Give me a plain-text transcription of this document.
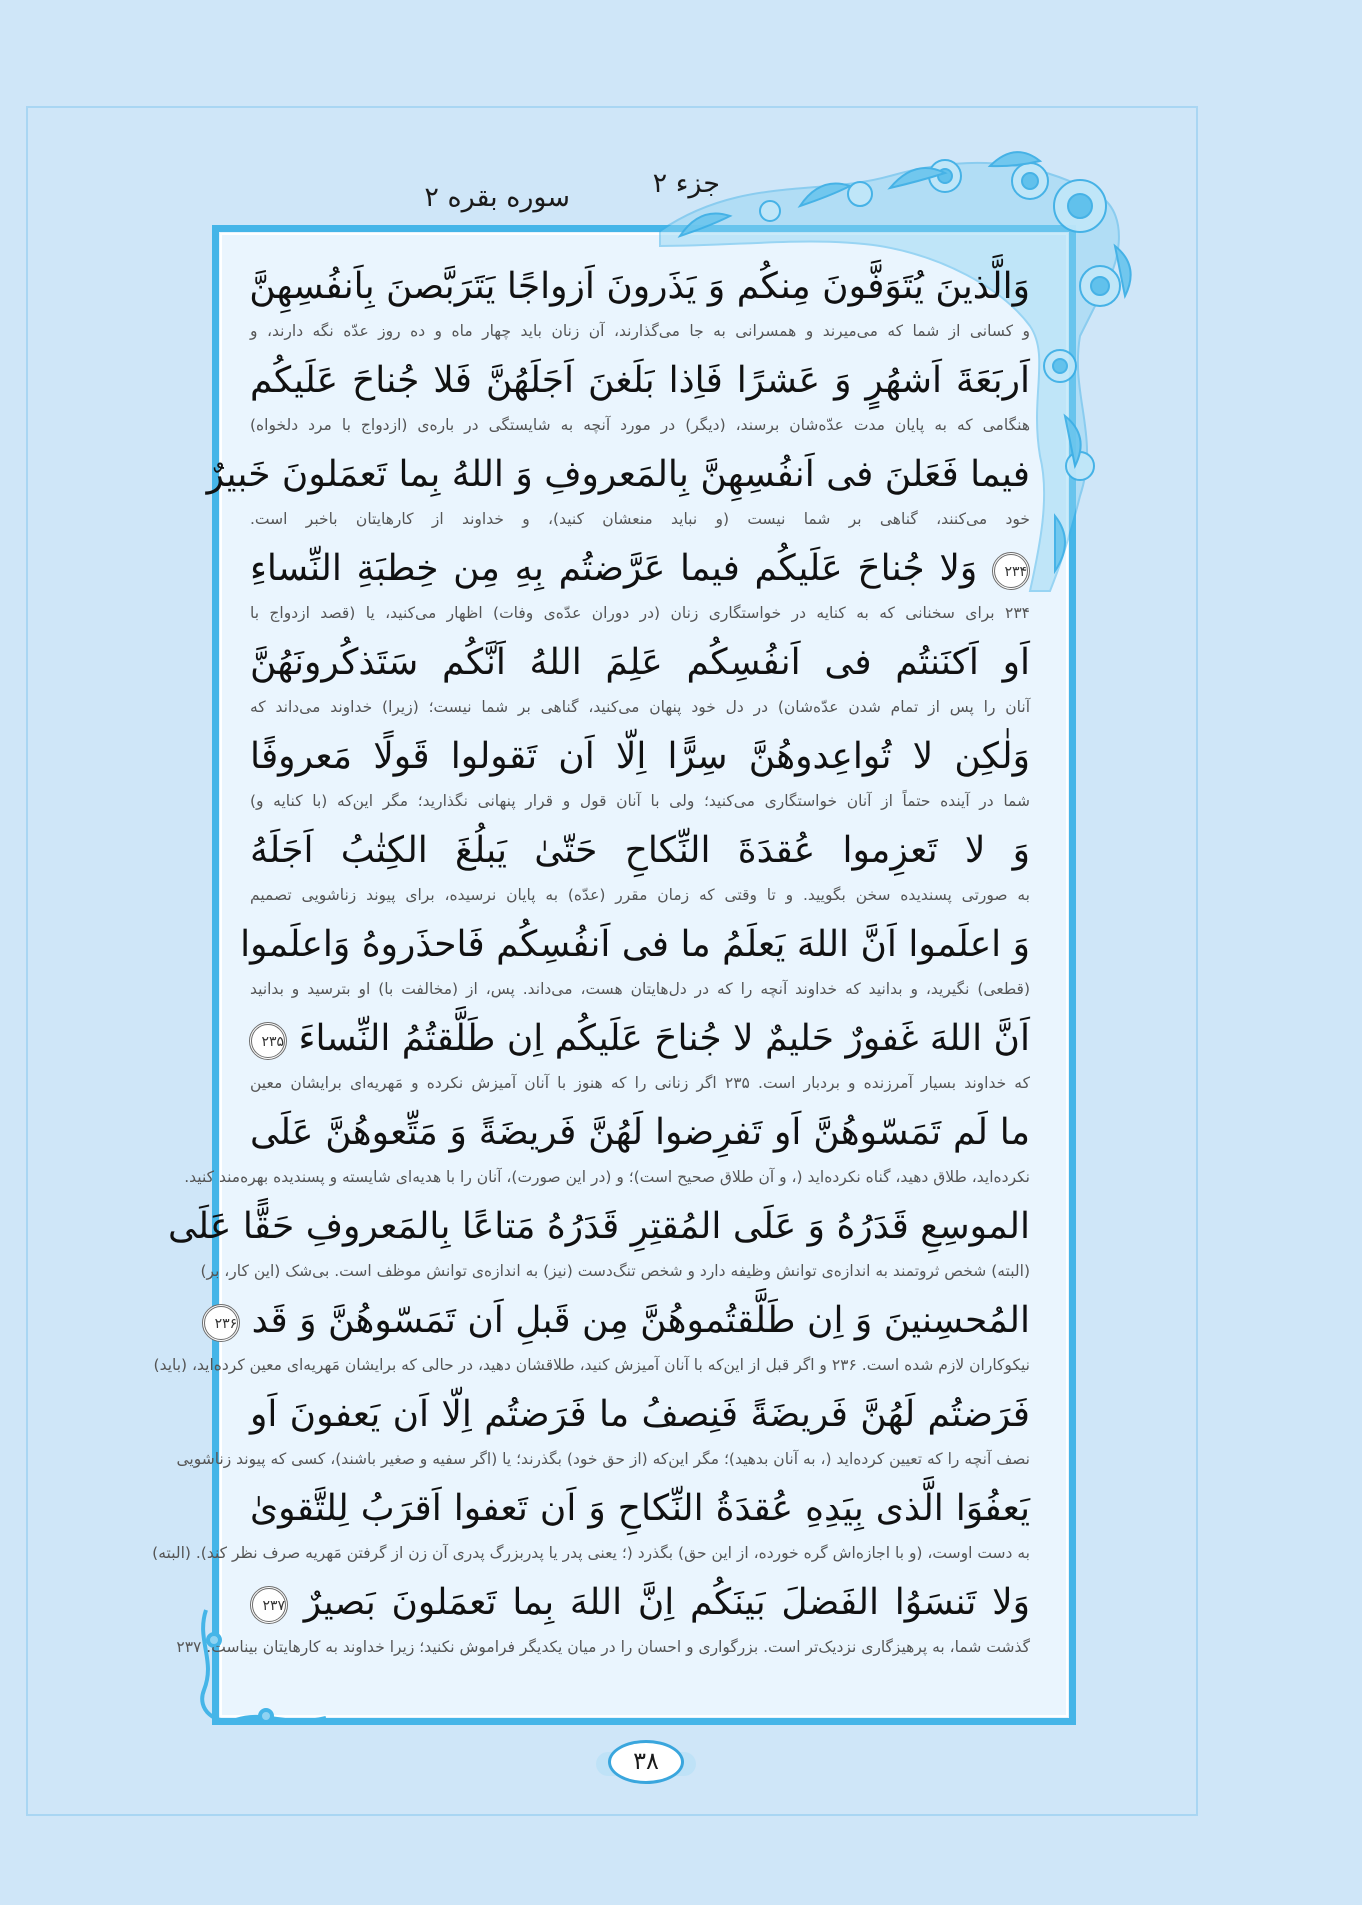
سوره بقره ۲	جزء ۲
وَالَّذینَ یُتَوَفَّونَ مِنکُم وَ یَذَرونَ اَزواجًا یَتَرَبَّصنَ بِاَنفُسِهِنَّ
و کسانی از شما که می‌میرند و همسرانی به جا می‌گذارند، آن زنان باید چهار ماه و ده روز عدّه نگه دارند، و
اَربَعَةَ اَشهُرٍ وَ عَشرًا فَاِذا بَلَغنَ اَجَلَهُنَّ فَلا جُناحَ عَلَیکُم
هنگامی که به پایان مدت عدّه‌شان برسند، (دیگر) در مورد آنچه به شایستگی در باره‌ی (ازدواج با مرد دلخواه)
فیما فَعَلنَ فی اَنفُسِهِنَّ بِالمَعروفِ وَ اللهُ بِما تَعمَلونَ خَبیرٌ
خود می‌کنند، گناهی بر شما نیست (و نباید منعشان کنید)، و خداوند از کارهایتان باخبر است.
۲۳۴ وَلا جُناحَ عَلَیکُم فیما عَرَّضتُم بِهِ مِن خِطبَةِ النِّساءِ
۲۳۴ برای سخنانی که به کنایه در خواستگاری زنان (در دوران عدّه‌ی وفات) اظهار می‌کنید، یا (قصد ازدواج با
اَو اَکنَنتُم فی اَنفُسِکُم عَلِمَ اللهُ اَنَّکُم سَتَذکُرونَهُنَّ
آنان را پس از تمام شدن عدّه‌شان) در دل خود پنهان می‌کنید، گناهی بر شما نیست؛ (زیرا) خداوند می‌داند که
وَلٰکِن لا تُواعِدوهُنَّ سِرًّا اِلّا اَن تَقولوا قَولًا مَعروفًا
شما در آینده حتماً از آنان خواستگاری می‌کنید؛ ولی با آنان قول و قرار پنهانی نگذارید؛ مگر این‌که (با کنایه و)
وَ لا تَعزِموا عُقدَةَ النِّکاحِ حَتّیٰ یَبلُغَ الکِتٰبُ اَجَلَهُ
به صورتی پسندیده سخن بگویید. و تا وقتی که زمان مقرر (عدّه) به پایان نرسیده، برای پیوند زناشویی تصمیم
وَ اعلَموا اَنَّ اللهَ یَعلَمُ ما فی اَنفُسِکُم فَاحذَروهُ وَاعلَموا
(قطعی) نگیرید، و بدانید که خداوند آنچه را که در دل‌هایتان هست، می‌داند. پس، از (مخالفت با) او بترسید و بدانید
اَنَّ اللهَ غَفورٌ حَلیمٌ لا جُناحَ عَلَیکُم اِن طَلَّقتُمُ النِّساءَ ۲۳۵
که خداوند بسیار آمرزنده و بردبار است. ۲۳۵ اگر زنانی را که هنوز با آنان آمیزش نکرده و مَهریه‌ای برایشان معین
ما لَم تَمَسّوهُنَّ اَو تَفرِضوا لَهُنَّ فَریضَةً وَ مَتِّعوهُنَّ عَلَی
نکرده‌اید، طلاق دهید، گناه نکرده‌اید (، و آن طلاق صحیح است)؛ و (در این صورت)، آنان را با هدیه‌ای شایسته و پسندیده بهره‌مند کنید.
الموسِعِ قَدَرُهُ وَ عَلَی المُقتِرِ قَدَرُهُ مَتاعًا بِالمَعروفِ حَقًّا عَلَی
(البته) شخص ثروتمند به اندازه‌ی توانش وظیفه دارد و شخص تنگ‌دست (نیز) به اندازه‌ی توانش موظف است. بی‌شک (این کار، بر)
المُحسِنینَ وَ اِن طَلَّقتُموهُنَّ مِن قَبلِ اَن تَمَسّوهُنَّ وَ قَد ۲۳۶
نیکوکاران لازم شده است. ۲۳۶ و اگر قبل از این‌که با آنان آمیزش کنید، طلاقشان دهید، در حالی که برایشان مَهریه‌ای معین کرده‌اید، (باید)
فَرَضتُم لَهُنَّ فَریضَةً فَنِصفُ ما فَرَضتُم اِلّا اَن یَعفونَ اَو
نصف آنچه را که تعیین کرده‌اید (، به آنان بدهید)؛ مگر این‌که (از حق خود) بگذرند؛ یا (اگر سفیه و صغیر باشند)، کسی که پیوند زناشویی
یَعفُوَا الَّذی بِیَدِهِ عُقدَةُ النِّکاحِ وَ اَن تَعفوا اَقرَبُ لِلتَّقویٰ
به دست اوست، (و با اجازه‌اش گره خورده، از این حق) بگذرد (؛ یعنی پدر یا پدربزرگ پدری آن زن از گرفتن مَهریه صرف نظر کند). (البته)
وَلا تَنسَوُا الفَضلَ بَینَکُم اِنَّ اللهَ بِما تَعمَلونَ بَصیرٌ ۲۳۷
گذشت شما، به پرهیزگاری نزدیک‌تر است. بزرگواری و احسان را در میان یکدیگر فراموش نکنید؛ زیرا خداوند به کارهایتان بیناست. ۲۳۷
۳۸
